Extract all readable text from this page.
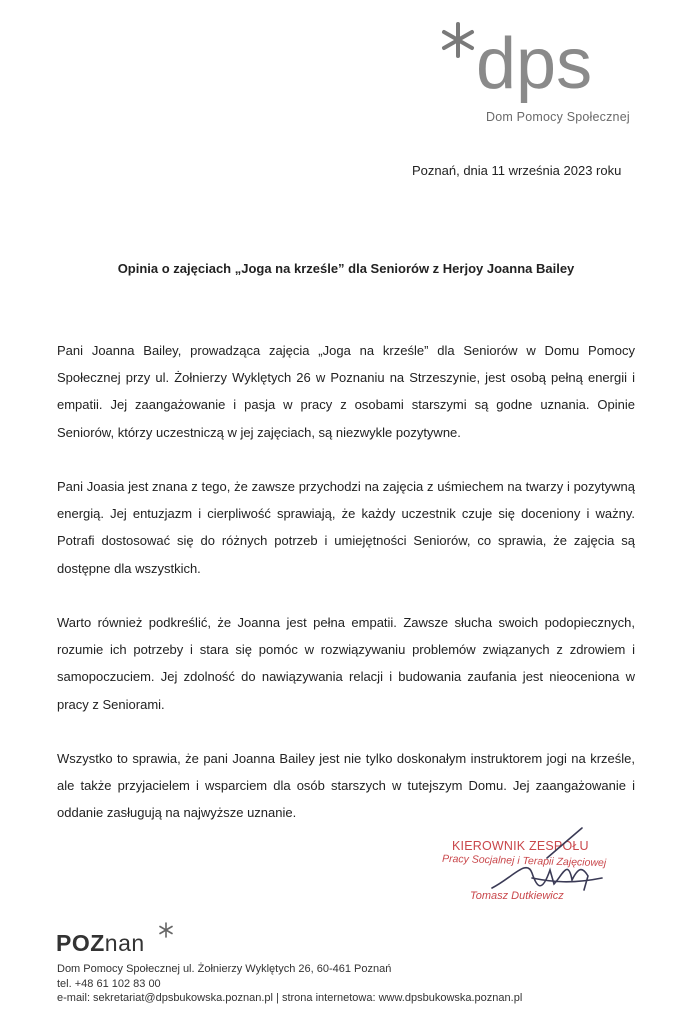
dps
Dom Pomocy Społecznej
Poznań, dnia 11 września 2023 roku
Opinia o zajęciach „Joga na krześle” dla Seniorów z Herjoy Joanna Bailey

Pani Joanna Bailey, prowadząca zajęcia „Joga na krześle” dla Seniorów w Domu Pomocy Społecznej przy ul. Żołnierzy Wyklętych 26 w Poznaniu na Strzeszynie, jest osobą pełną energii i empatii. Jej zaangażowanie i pasja w pracy z osobami starszymi są godne uznania. Opinie Seniorów, którzy uczestniczą w jej zajęciach, są niezwykle pozytywne.

Pani Joasia jest znana z tego, że zawsze przychodzi na zajęcia z uśmiechem na twarzy i pozytywną energią. Jej entuzjazm i cierpliwość sprawiają, że każdy uczestnik czuje się doceniony i ważny. Potrafi dostosować się do różnych potrzeb i umiejętności Seniorów, co sprawia, że zajęcia są dostępne dla wszystkich.

Warto również podkreślić, że Joanna jest pełna empatii. Zawsze słucha swoich podopiecznych, rozumie ich potrzeby i stara się pomóc w rozwiązywaniu problemów związanych z zdrowiem i samopoczuciem. Jej zdolność do nawiązywania relacji i budowania zaufania jest nieoceniona w pracy z Seniorami.

Wszystko to sprawia, że pani Joanna Bailey jest nie tylko doskonałym instruktorem jogi na krześle, ale także przyjacielem i wsparciem dla osób starszych w tutejszym Domu. Jej zaangażowanie i oddanie zasługują na najwyższe uznanie.

KIEROWNIK ZESPOŁU
Pracy Socjalnej i Terapii Zajęciowej
Tomasz Dutkiewicz
POZnan
Dom Pomocy Społecznej ul. Żołnierzy Wyklętych 26, 60-461 Poznań
tel. +48 61 102 83 00
e-mail: sekretariat@dpsbukowska.poznan.pl | strona internetowa: www.dpsbukowska.poznan.pl
